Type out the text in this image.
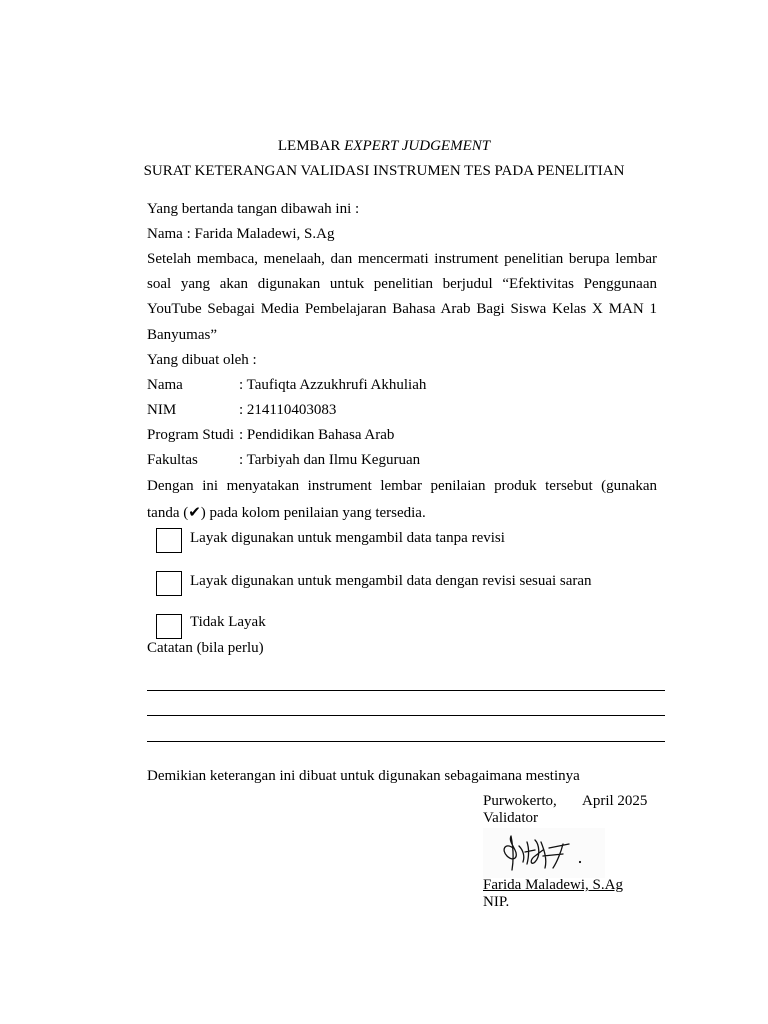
LEMBAR EXPERT JUDGEMENT
SURAT KETERANGAN VALIDASI INSTRUMEN TES PADA PENELITIAN
Yang bertanda tangan dibawah ini :
Nama : Farida Maladewi, S.Ag
Setelah membaca, menelaah, dan mencermati instrument penelitian berupa lembar
soal yang akan digunakan untuk penelitian berjudul “Efektivitas Penggunaan
YouTube Sebagai Media Pembelajaran Bahasa Arab Bagi Siswa Kelas X MAN 1
Banyumas”
Yang dibuat oleh :
Nama	: Taufiqta Azzukhrufi Akhuliah
NIM	: 214110403083
Program Studi : Pendidikan Bahasa Arab
Fakultas	: Tarbiyah dan Ilmu Keguruan
Dengan ini menyatakan instrument lembar penilaian produk tersebut (gunakan
tanda (✔) pada kolom penilaian yang tersedia.
Layak digunakan untuk mengambil data tanpa revisi
Layak digunakan untuk mengambil data dengan revisi sesuai saran
Tidak Layak
Catatan (bila perlu)
Demikian keterangan ini dibuat untuk digunakan sebagaimana mestinya
Purwokerto, April 2025
Validator
Farida Maladewi, S.Ag
NIP.
